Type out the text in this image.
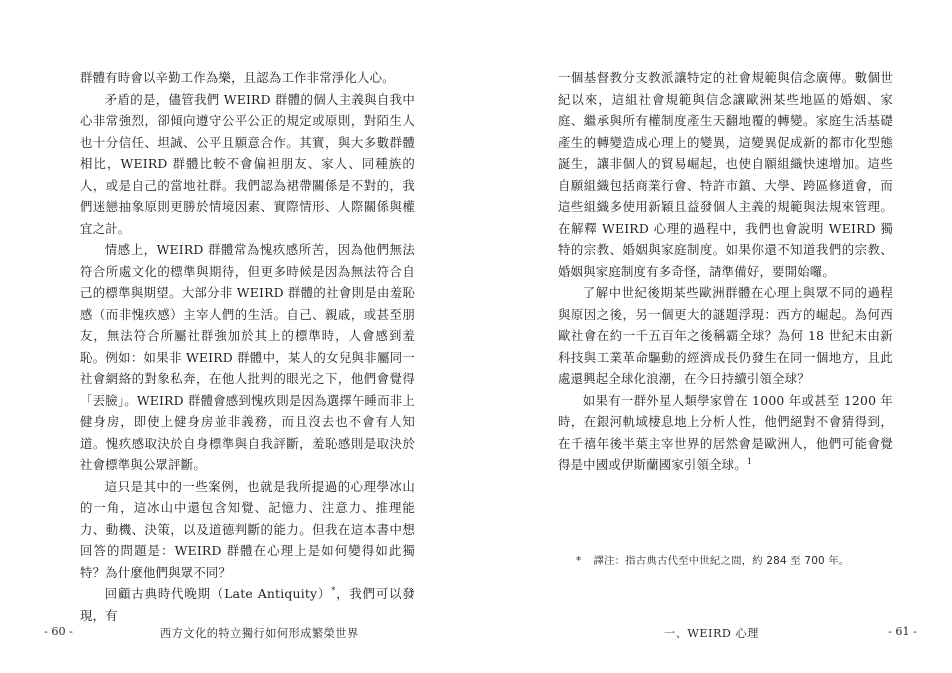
群體有時會以辛勤工作為樂，且認為工作非常淨化人心。

矛盾的是，儘管我們 WEIRD 群體的個人主義與自我中心非常強烈，卻傾向遵守公平公正的規定或原則，對陌生人也十分信任、坦誠、公平且願意合作。其實，與大多數群體相比，WEIRD 群體比較不會偏袒朋友、家人、同種族的人，或是自己的當地社群。我們認為裙帶關係是不對的，我們迷戀抽象原則更勝於情境因素、實際情形、人際關係與權宜之計。

情感上，WEIRD 群體常為愧疚感所苦，因為他們無法符合所處文化的標準與期待，但更多時候是因為無法符合自己的標準與期望。大部分非 WEIRD 群體的社會則是由羞恥感（而非愧疚感）主宰人們的生活。自己、親戚，或甚至朋友，無法符合所屬社群強加於其上的標準時，人會感到羞恥。例如：如果非 WEIRD 群體中，某人的女兒與非屬同一社會網絡的對象私奔，在他人批判的眼光之下，他們會覺得「丟臉」。WEIRD 群體會感到愧疚則是因為選擇午睡而非上健身房，即使上健身房並非義務，而且沒去也不會有人知道。愧疚感取決於自身標準與自我評斷，羞恥感則是取決於社會標準與公眾評斷。

這只是其中的一些案例，也就是我所提過的心理學冰山的一角，這冰山中還包含知覺、記憶力、注意力、推理能力、動機、決策，以及道德判斷的能力。但我在這本書中想回答的問題是：WEIRD 群體在心理上是如何變得如此獨特？為什麼他們與眾不同？

回顧古典時代晚期（Late Antiquity）*，我們可以發現，有

- 60 -	西方文化的特立獨行如何形成繁榮世界

一個基督教分支教派讓特定的社會規範與信念廣傳。數個世紀以來，這組社會規範與信念讓歐洲某些地區的婚姻、家庭、繼承與所有權制度產生天翻地覆的轉變。家庭生活基礎產生的轉變造成心理上的變異，這變異促成新的都市化型態誕生，讓非個人的貿易崛起，也使自願組織快速增加。這些自願組織包括商業行會、特許市鎮、大學、跨區修道會，而這些組織多使用新穎且益發個人主義的規範與法規來管理。在解釋 WEIRD 心理的過程中，我們也會說明 WEIRD 獨特的宗教、婚姻與家庭制度。如果你還不知道我們的宗教、婚姻與家庭制度有多奇怪，請準備好，要開始囉。

了解中世紀後期某些歐洲群體在心理上與眾不同的過程與原因之後，另一個更大的謎題浮現：西方的崛起。為何西歐社會在約一千五百年之後稱霸全球？為何 18 世紀末由新科技與工業革命驅動的經濟成長仍發生在同一個地方，且此處還興起全球化浪潮，在今日持續引領全球？

如果有一群外星人類學家曾在 1000 年或甚至 1200 年時，在銀河軌域棲息地上分析人性，他們絕對不會猜得到，在千禧年後半葉主宰世界的居然會是歐洲人，他們可能會覺得是中國或伊斯蘭國家引領全球。$^1$

* 譯注：指古典古代至中世紀之間，約 284 至 700 年。
一、WEIRD 心理	- 61 -
